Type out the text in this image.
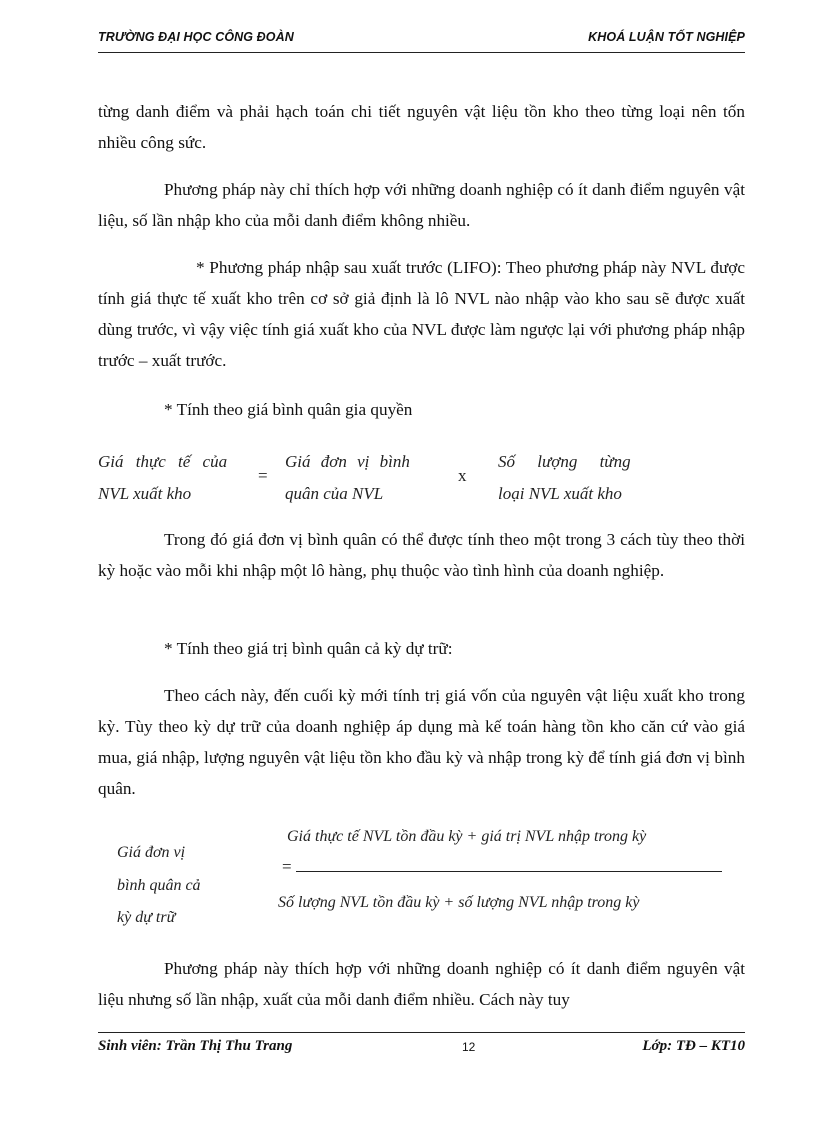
TRƯỜNG ĐẠI HỌC CÔNG ĐOÀN	KHOÁ LUẬN TỐT NGHIỆP

từng danh điểm và phải hạch toán chi tiết nguyên vật liệu tồn kho theo từng loại nên tốn nhiều công sức.

Phương pháp này chỉ thích hợp với những doanh nghiệp có ít danh điểm nguyên vật liệu, số lần nhập kho của mỗi danh điểm không nhiều.

* Phương pháp nhập sau xuất trước (LIFO): Theo phương pháp này NVL được tính giá thực tế xuất kho trên cơ sở giả định là lô NVL nào nhập vào kho sau sẽ được xuất dùng trước, vì vậy việc tính giá xuất kho của NVL được làm ngược lại với phương pháp nhập trước – xuất trước.

* Tính theo giá bình quân gia quyền

Giá thực tế của
NVL xuất kho
=
Giá đơn vị bình
quân của NVL
x
Số lượng từng
loại NVL xuất kho

Trong đó giá đơn vị bình quân có thể được tính theo một trong 3 cách tùy theo thời kỳ hoặc vào mỗi khi nhập một lô hàng, phụ thuộc vào tình hình của doanh nghiệp.

* Tính theo giá trị bình quân cả kỳ dự trữ:

Theo cách này, đến cuối kỳ mới tính trị giá vốn của nguyên vật liệu xuất kho trong kỳ. Tùy theo kỳ dự trữ của doanh nghiệp áp dụng mà kế toán hàng tồn kho căn cứ vào giá mua, giá nhập, lượng nguyên vật liệu tồn kho đầu kỳ và nhập trong kỳ để tính giá đơn vị bình quân.

Giá đơn vị
bình quân cả
kỳ dự trữ
Giá thực tế NVL tồn đầu kỳ + giá trị NVL nhập trong kỳ
=
Số lượng NVL tồn đầu kỳ + số lượng NVL nhập trong kỳ

Phương pháp này thích hợp với những doanh nghiệp có ít danh điểm nguyên vật liệu nhưng số lần nhập, xuất của mỗi danh điểm nhiều. Cách này tuy

Sinh viên: Trần Thị Thu Trang	12	Lớp: TĐ – KT10
